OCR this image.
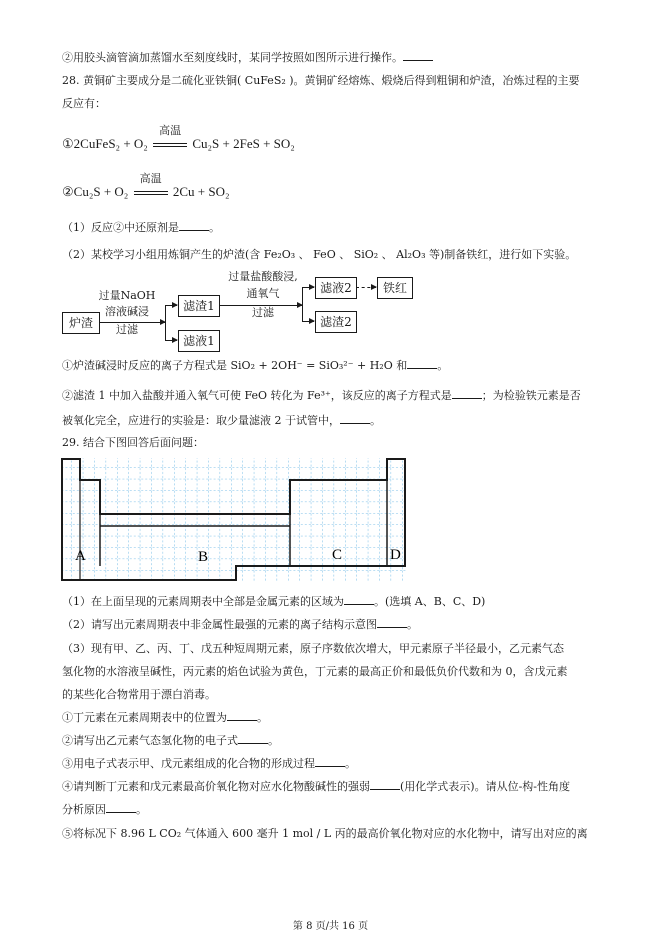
②用胶头滴管滴加蒸馏水至刻度线时，某同学按照如图所示进行操作。
28. 黄铜矿主要成分是二硫化亚铁铜( CuFeS₂ )。黄铜矿经熔炼、煅烧后得到粗铜和炉渣，冶炼过程的主要
反应有：
①2CuFeS₂ + O₂
高温
Cu₂S + 2FeS + SO₂
②Cu₂S + O₂
高温
2Cu + SO₂
（1）反应②中还原剂是	。
（2）某校学习小组用炼铜产生的炉渣(含 Fe₂O₃ 、 FeO 、 SiO₂ 、 Al₂O₃ 等)制备铁红，进行如下实验。
炉渣
过量NaOH
溶液碱浸
过滤
滤渣1
滤液1
过量盐酸酸浸,
通氧气
过滤
滤液2
滤渣2
铁红
①炉渣碱浸时反应的离子方程式是 SiO₂ + 2OH⁻ = SiO₃²⁻ + H₂O 和	。
②滤渣 1 中加入盐酸并通入氧气可使 FeO 转化为 Fe³⁺，该反应的离子方程式是	；为检验铁元素是否
被氧化完全，应进行的实验是：取少量滤液 2 于试管中，	。
29. 结合下图回答后面问题：
A	B	C	D
（1）在上面呈现的元素周期表中全部是金属元素的区域为	。(选填 A、B、C、D)
（2）请写出元素周期表中非金属性最强的元素的离子结构示意图	。
（3）现有甲、乙、丙、丁、戊五种短周期元素，原子序数依次增大，甲元素原子半径最小，乙元素气态
氢化物的水溶液呈碱性，丙元素的焰色试验为黄色，丁元素的最高正价和最低负价代数和为 0，含戊元素
的某些化合物常用于漂白消毒。
①丁元素在元素周期表中的位置为	。
②请写出乙元素气态氢化物的电子式	。
③用电子式表示甲、戊元素组成的化合物的形成过程	。
④请判断丁元素和戊元素最高价氧化物对应水化物酸碱性的强弱	(用化学式表示)。请从位-构-性角度
分析原因	。
⑤将标况下 8.96 L CO₂ 气体通入 600 毫升 1 mol / L 丙的最高价氧化物对应的水化物中，请写出对应的离
第 8 页/共 16 页
